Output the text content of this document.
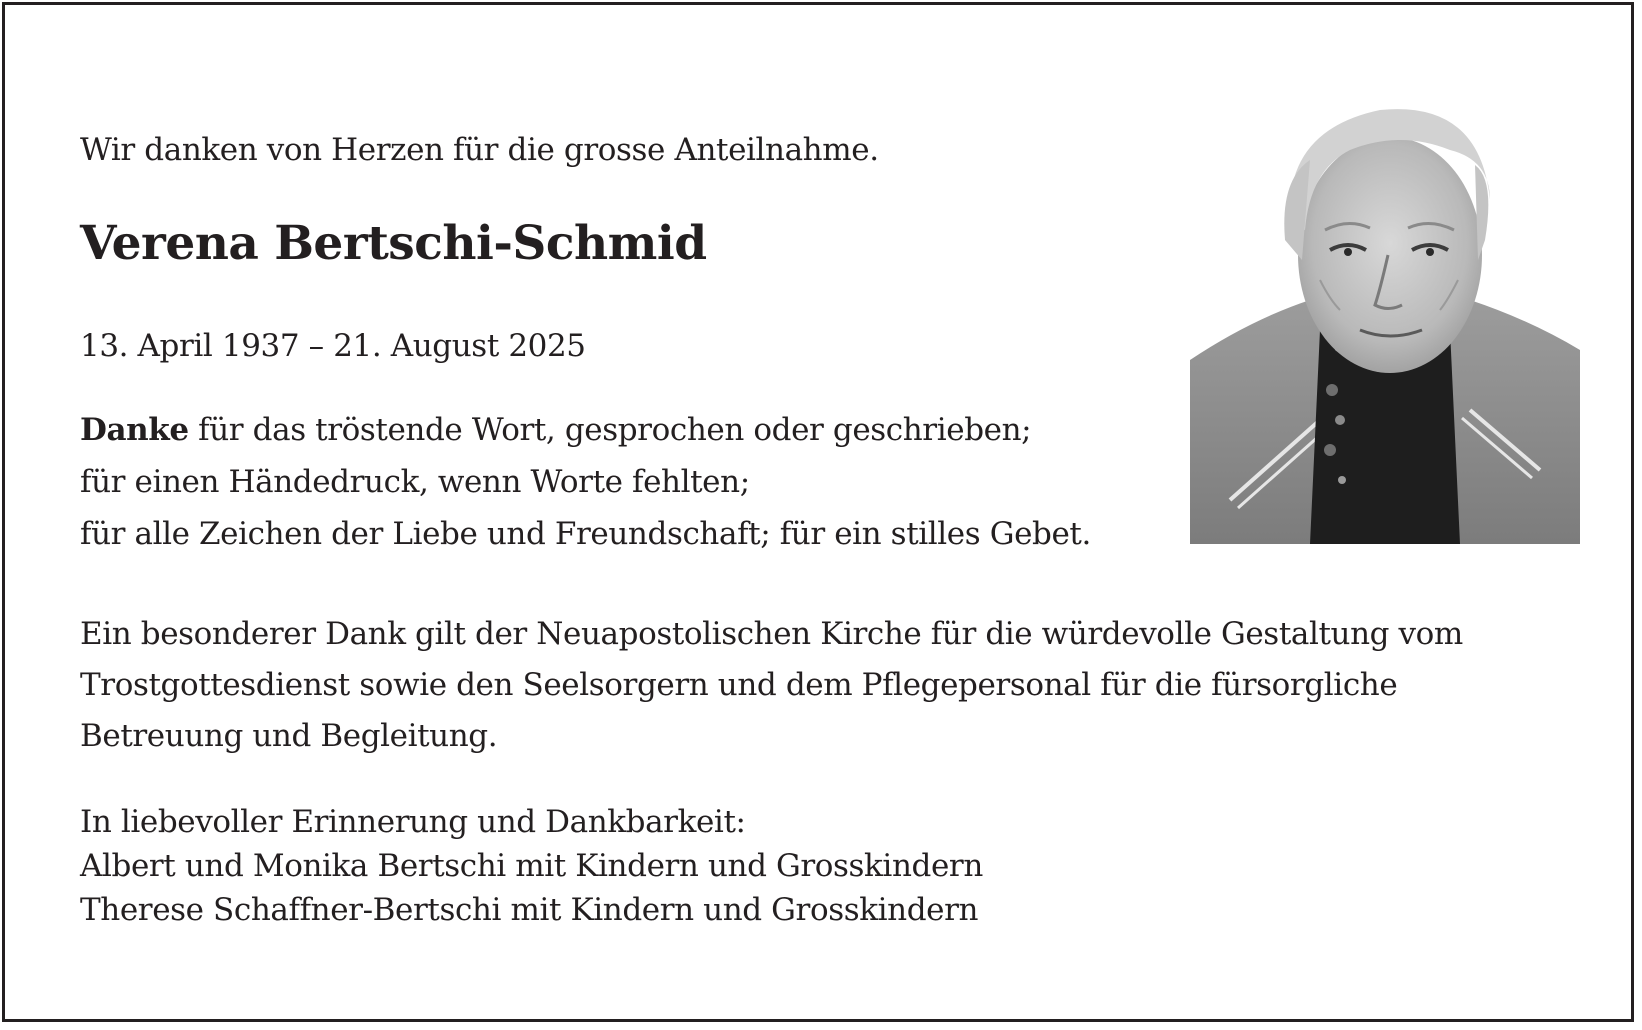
Wir danken von Herzen für die grosse Anteilnahme.
Verena Bertschi-Schmid
13. April 1937 – 21. August 2025
Danke für das tröstende Wort, gesprochen oder geschrieben;
für einen Händedruck, wenn Worte fehlten;
für alle Zeichen der Liebe und Freundschaft; für ein stilles Gebet.
Ein besonderer Dank gilt der Neuapostolischen Kirche für die würdevolle Gestaltung vom
Trostgottesdienst sowie den Seelsorgern und dem Pflegepersonal für die fürsorgliche
Betreuung und Begleitung.
In liebevoller Erinnerung und Dankbarkeit:
Albert und Monika Bertschi mit Kindern und Grosskindern
Therese Schaffner-Bertschi mit Kindern und Grosskindern
